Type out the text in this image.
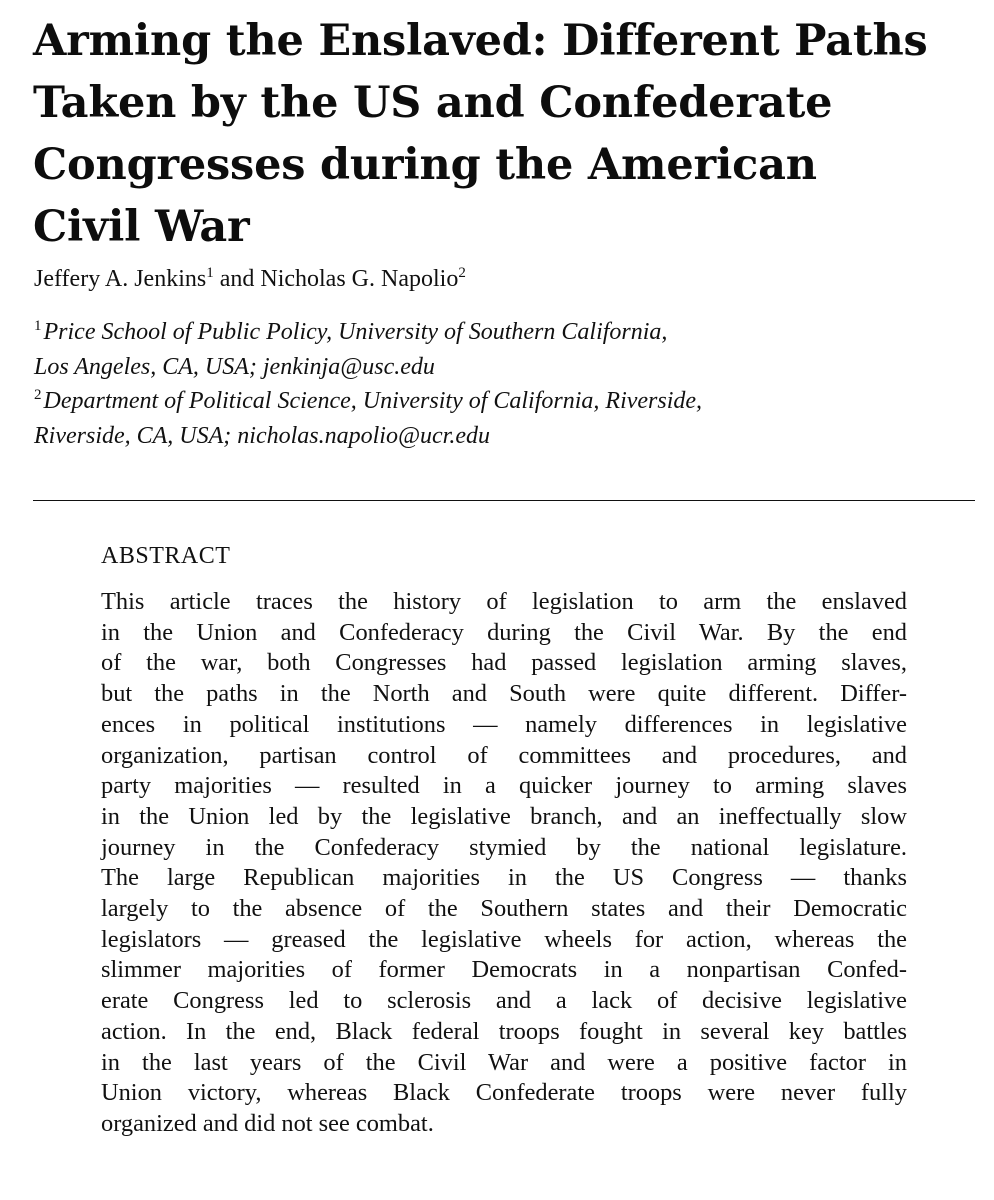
Arming the Enslaved: Different Paths
Taken by the US and Confederate
Congresses during the American
Civil War
Jeffery A. Jenkins$^1$ and Nicholas G. Napolio$^2$
$^1$Price School of Public Policy, University of Southern California,
Los Angeles, CA, USA; jenkinja@usc.edu
$^2$Department of Political Science, University of California, Riverside,
Riverside, CA, USA; nicholas.napolio@ucr.edu
ABSTRACT
This article traces the history of legislation to arm the enslaved
in the Union and Confederacy during the Civil War. By the end
of the war, both Congresses had passed legislation arming slaves,
but the paths in the North and South were quite different. Differ-
ences in political institutions — namely differences in legislative
organization, partisan control of committees and procedures, and
party majorities — resulted in a quicker journey to arming slaves
in the Union led by the legislative branch, and an ineffectually slow
journey in the Confederacy stymied by the national legislature.
The large Republican majorities in the US Congress — thanks
largely to the absence of the Southern states and their Democratic
legislators — greased the legislative wheels for action, whereas the
slimmer majorities of former Democrats in a nonpartisan Confed-
erate Congress led to sclerosis and a lack of decisive legislative
action. In the end, Black federal troops fought in several key battles
in the last years of the Civil War and were a positive factor in
Union victory, whereas Black Confederate troops were never fully
organized and did not see combat.
